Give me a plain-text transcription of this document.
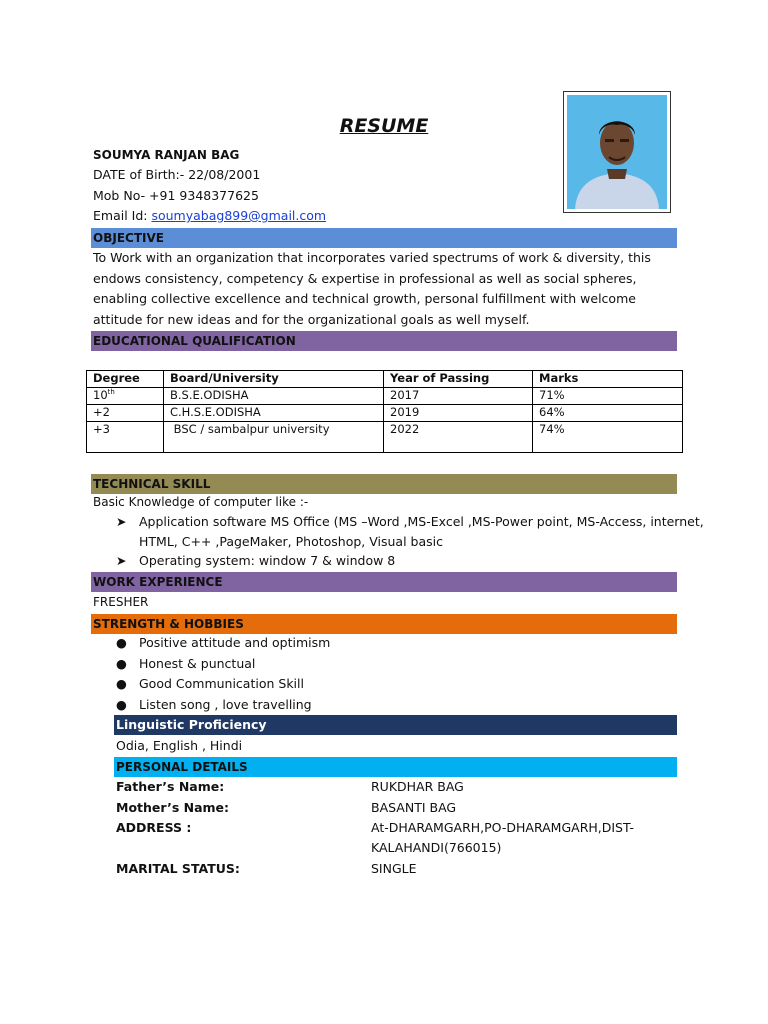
RESUME
SOUMYA RANJAN BAG
DATE of Birth:- 22/08/2001
Mob No- +91 9348377625
Email Id: soumyabag899@gmail.com
OBJECTIVE
To Work with an organization that incorporates varied spectrums of work & diversity, this
endows consistency, competency & expertise in professional as well as social spheres,
enabling collective excellence and technical growth, personal fulfillment with welcome
attitude for new ideas and for the organizational goals as well myself.
EDUCATIONAL QUALIFICATION
Degree	Board/University	Year of Passing	Marks
10th	B.S.E.ODISHA	2017	71%
+2	C.H.S.E.ODISHA	2019	64%
+3	BSC / sambalpur university	2022	74%
TECHNICAL SKILL
Basic Knowledge of computer like :-
➤ Application software MS Office (MS –Word ,MS-Excel ,MS-Power point, MS-Access, internet,
HTML, C++ ,PageMaker, Photoshop, Visual basic
➤ Operating system: window 7 & window 8
WORK EXPERIENCE
FRESHER
STRENGTH & HOBBIES
● Positive attitude and optimism
● Honest & punctual
● Good Communication Skill
● Listen song , love travelling
Linguistic Proficiency
Odia, English , Hindi
PERSONAL DETAILS
Father’s Name:	RUKDHAR BAG
Mother’s Name:	BASANTI BAG
ADDRESS :	At-DHARAMGARH,PO-DHARAMGARH,DIST-
KALAHANDI(766015)
MARITAL STATUS:	SINGLE
